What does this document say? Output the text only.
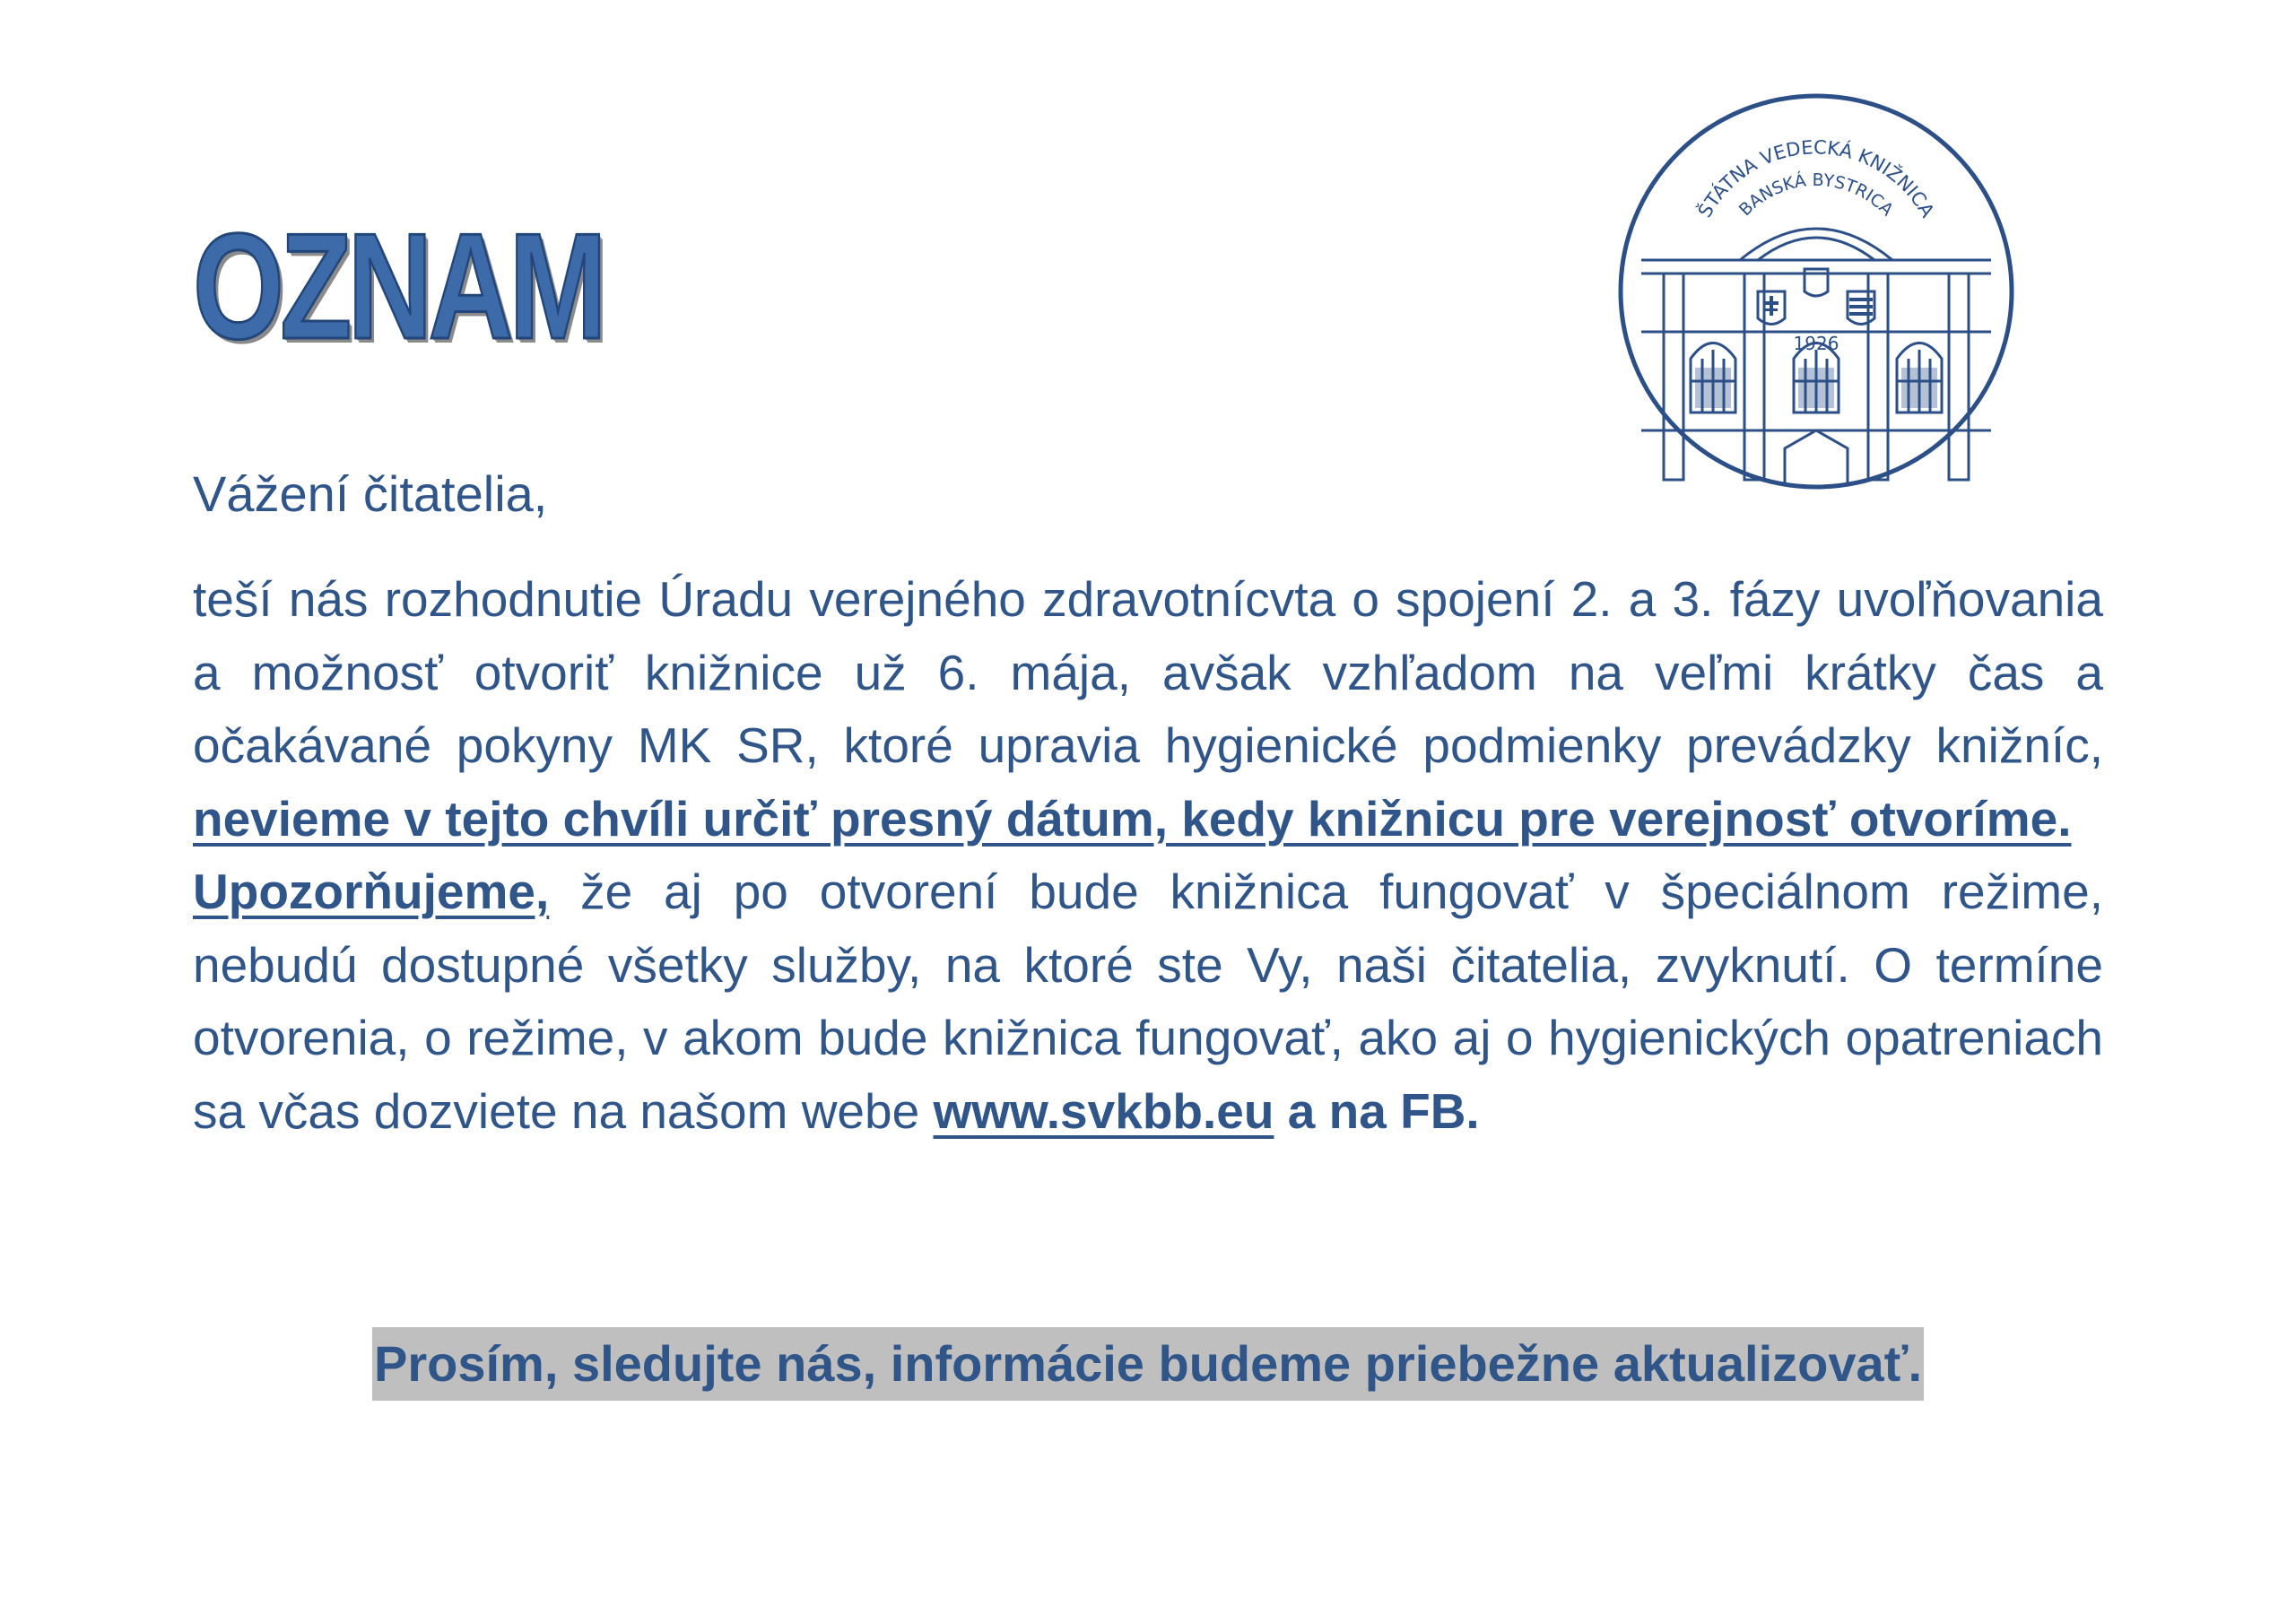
OZNAM	ŠTÁTNA VEDECKÁ KNIŽNICA
BANSKÁ BYSTRICA
1926

Vážení čitatelia,

teší nás rozhodnutie Úradu verejného zdravotnícvta o spojení 2. a 3. fázy uvoľňovania a možnosť otvoriť knižnice už 6. mája, avšak vzhľadom na veľmi krátky čas a očakávané pokyny MK SR, ktoré upravia hygienické podmienky prevádzky knižníc, nevieme v tejto chvíli určiť presný dátum, kedy knižnicu pre verejnosť otvoríme.

Upozorňujeme, že aj po otvorení bude knižnica fungovať v špeciálnom režime, nebudú dostupné všetky služby, na ktoré ste Vy, naši čitatelia, zvyknutí. O termíne otvorenia, o režime, v akom bude knižnica fungovať, ako aj o hygienických opatreniach sa včas dozviete na našom webe www.svkbb.eu a na FB.

Prosím, sledujte nás, informácie budeme priebežne aktualizovať.
